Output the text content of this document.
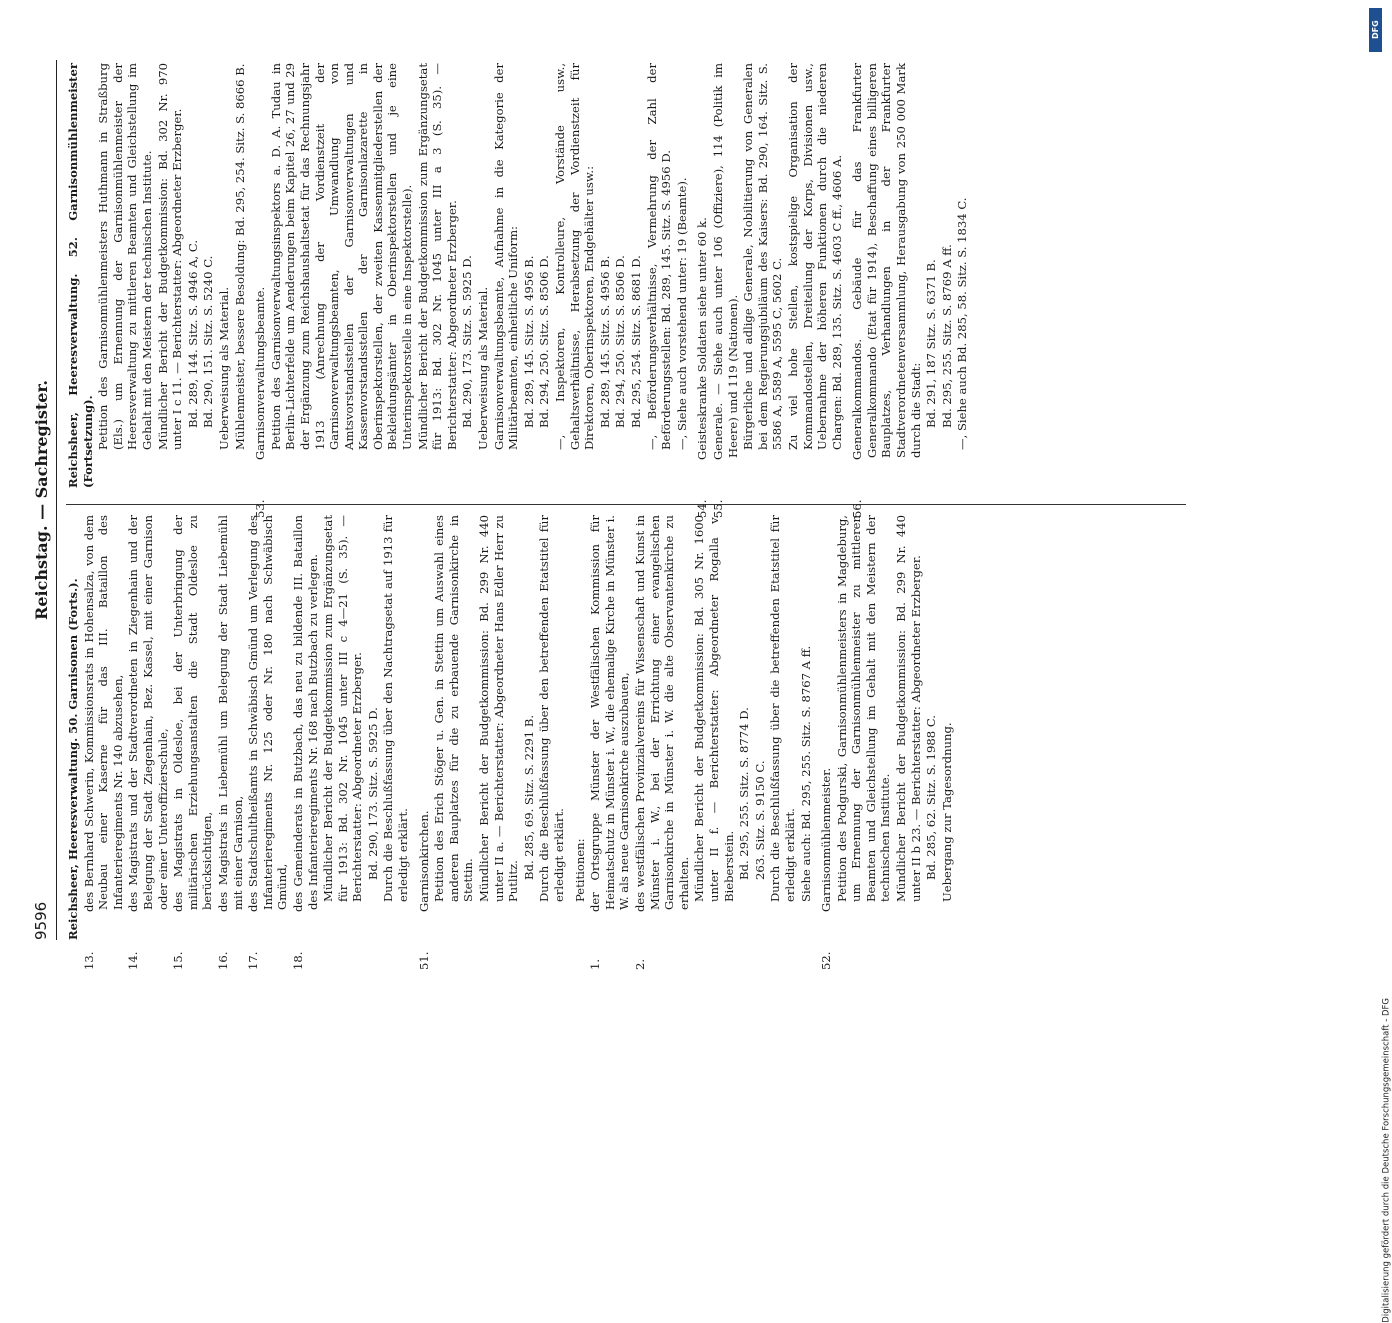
9596
Reichstag. — Sachregister.
Reichsheer, Heeresverwaltung. 50. Garnisonen (Forts.).
13.des Bernhard Schwerin, Kommissionsrats in Hohensalza, von dem Neubau einer Kaserne für das III. Bataillon des Infanterieregiments Nr. 140 abzusehen,
14.des Magistrats und der Stadtverordneten in Ziegenhain und der Belegung der Stadt Ziegenhain, Bez. Kassel, mit einer Garnison oder einer Unteroffizierschule,
15.des Magistrats in Oldesloe, bei der Unterbringung der militärischen Erziehungsanstalten die Stadt Oldesloe zu berücksichtigen,
16.des Magistrats in Liebemühl um Belegung der Stadt Liebemühl mit einer Garnison,
17.des Stadtschultheißamts in Schwäbisch Gmünd um Verlegung des Infanterieregiments Nr. 125 oder Nr. 180 nach Schwäbisch Gmünd,
18.des Gemeinderats in Butzbach, das neu zu bildende III. Bataillon des Infanterieregiments Nr. 168 nach Butzbach zu verlegen. Mündlicher Bericht der Budgetkommission zum Ergänzungsetat für 1913: Bd. 302 Nr. 1045 unter III c 4—21 (S. 35). — Berichterstatter: Abgeordneter Erzberger. Bd. 290, 173. Sitz. S. 5925 D. Durch die Beschlußfassung über den Nachtragsetat auf 1913 für erledigt erklärt.
51.Garnisonkirchen. Petition des Erich Stöger u. Gen. in Stettin um Auswahl eines anderen Bauplatzes für die zu erbauende Garnisonkirche in Stettin. Mündlicher Bericht der Budgetkommission: Bd. 299 Nr. 440 unter II a. — Berichterstatter: Abgeordneter Hans Edler Herr zu Putlitz.
Bd. 285, 69. Sitz. S. 2291 B. Durch die Beschlußfassung über den betreffenden Etatstitel für erledigt erklärt. Petitionen:
1.der Ortsgruppe Münster der Westfälischen Kommission für Heimatschutz in Münster i. W., die ehemalige Kirche in Münster i. W. als neue Garnisonkirche auszubauen,
2.des westfälischen Provinzialvereins für Wissenschaft und Kunst in Münster i. W., bei der Errichtung einer evangelischen Garnisonkirche in Münster i. W. die alte Observantenkirche zu erhalten. Mündlicher Bericht der Budgetkommission: Bd. 305 Nr. 1600 unter II f. — Berichterstatter: Abgeordneter Rogalla v. Bieberstein. Bd. 295, 255. Sitz. S. 8774 D. 263. Sitz. S. 9150 C. Durch die Beschlußfassung über die betreffenden Etatstitel für erledigt erklärt. Siehe auch: Bd. 295, 255. Sitz. S. 8767 A ff.
52.Garnisonmühlenmeister. Petition des Podgurski, Garnisonmühlenmeisters in Magdeburg, um Ernennung der Garnisonmühlenmeister zu mittleren Beamten und Gleichstellung im Gehalt mit den Meistern der technischen Institute. Mündlicher Bericht der Budgetkommission: Bd. 299 Nr. 440 unter II b 23. — Berichterstatter: Abgeordneter Erzberger. Bd. 285, 62. Sitz. S. 1988 C. Uebergang zur Tagesordnung.
Reichsheer, Heeresverwaltung. 52. Garnisonmühlenmeister (Fortsetzung). Petition des Garnisonmühlenmeisters Huthmann in Straßburg (Els.) um Ernennung der Garnisonmühlenmeister der Heeresverwaltung zu mittleren Beamten und Gleichstellung im Gehalt mit den Meistern der technischen Institute. Mündlicher Bericht der Budgetkommission: Bd. 302 Nr. 970 unter I c 11. — Berichterstatter: Abgeordneter Erzberger. Bd. 289, 144. Sitz. S. 4946 A, C. Bd. 290, 151. Sitz. S. 5240 C. Ueberweisung als Material. Mühlenmeister, bessere Besoldung: Bd. 295, 254. Sitz. S. 8666 B.
53.Garnisonverwaltungsbeamte. Petition des Garnisonverwaltungsinspektors a. D. A. Tudau in Berlin-Lichterfelde um Aenderungen beim Kapitel 26, 27 und 29 der Ergänzung zum Reichshaushaltsetat für das Rechnungsjahr 1913 (Anrechnung der Vordienstzeit der Garnisonverwaltungsbeamten, Umwandlung von Amtsvorstandsstellen der Garnisonverwaltungen und Kassenvorstandsstellen der Garnisonlazarette in Oberinspektorstellen, der zweiten Kassenmitgliederstellen der Bekleidungsämter in Oberinspektorstellen und je eine Unterinspektorstelle in eine Inspektorstelle). Mündlicher Bericht der Budgetkommission zum Ergänzungsetat für 1913: Bd. 302 Nr. 1045 unter III a 3 (S. 35). — Berichterstatter: Abgeordneter Erzberger. Bd. 290, 173. Sitz. S. 5925 D. Ueberweisung als Material. Garnisonverwaltungsbeamte, Aufnahme in die Kategorie der Militärbeamten, einheitliche Uniform: Bd. 289, 145. Sitz. S. 4956 B. Bd. 294, 250. Sitz. S. 8506 D. —, Inspektoren, Kontrolleure, Vorstände usw., Gehaltsverhältnisse, Herabsetzung der Vordienstzeit für Direktoren, Oberinspektoren, Endgehälter usw.: Bd. 289, 145. Sitz. S. 4956 B. Bd. 294, 250. Sitz. S. 8506 D. Bd. 295, 254. Sitz. S. 8681 D. —, Beförderungsverhältnisse, Vermehrung der Zahl der Beförderungsstellen: Bd. 289, 145. Sitz. S. 4956 D. —, Siehe auch vorstehend unter: 19 (Beamte).
54.Geisteskranke Soldaten siehe unter 60 k.
55.Generale. — Siehe auch unter 106 (Offiziere), 114 (Politik im Heere) und 119 (Nationen). Bürgerliche und adlige Generale, Nobilitierung von Generalen bei dem Regierungsjubiläum des Kaisers: Bd. 290, 164. Sitz. S. 5586 A, 5589 A, 5595 C, 5602 C. Zu viel hohe Stellen, kostspielige Organisation der Kommandostellen, Dreiteilung der Korps, Divisionen usw., Uebernahme der höheren Funktionen durch die niederen Chargen: Bd. 289, 135. Sitz. S. 4603 C ff., 4606 A.
56.Generalkommandos. Gebäude für das Frankfurter Generalkommando (Etat für 1914), Beschaffung eines billigeren Bauplatzes, Verhandlungen in der Frankfurter Stadtverordnetenversammlung, Herausgabung von 250 000 Mark durch die Stadt: Bd. 291, 187 Sitz. S. 6371 B. Bd. 295, 255. Sitz. S. 8769 A ff. —, Siehe auch Bd. 285, 58. Sitz. S. 1834 C.
DFG
Digitalisierung gefördert durch die Deutsche Forschungsgemeinschaft - DFG
